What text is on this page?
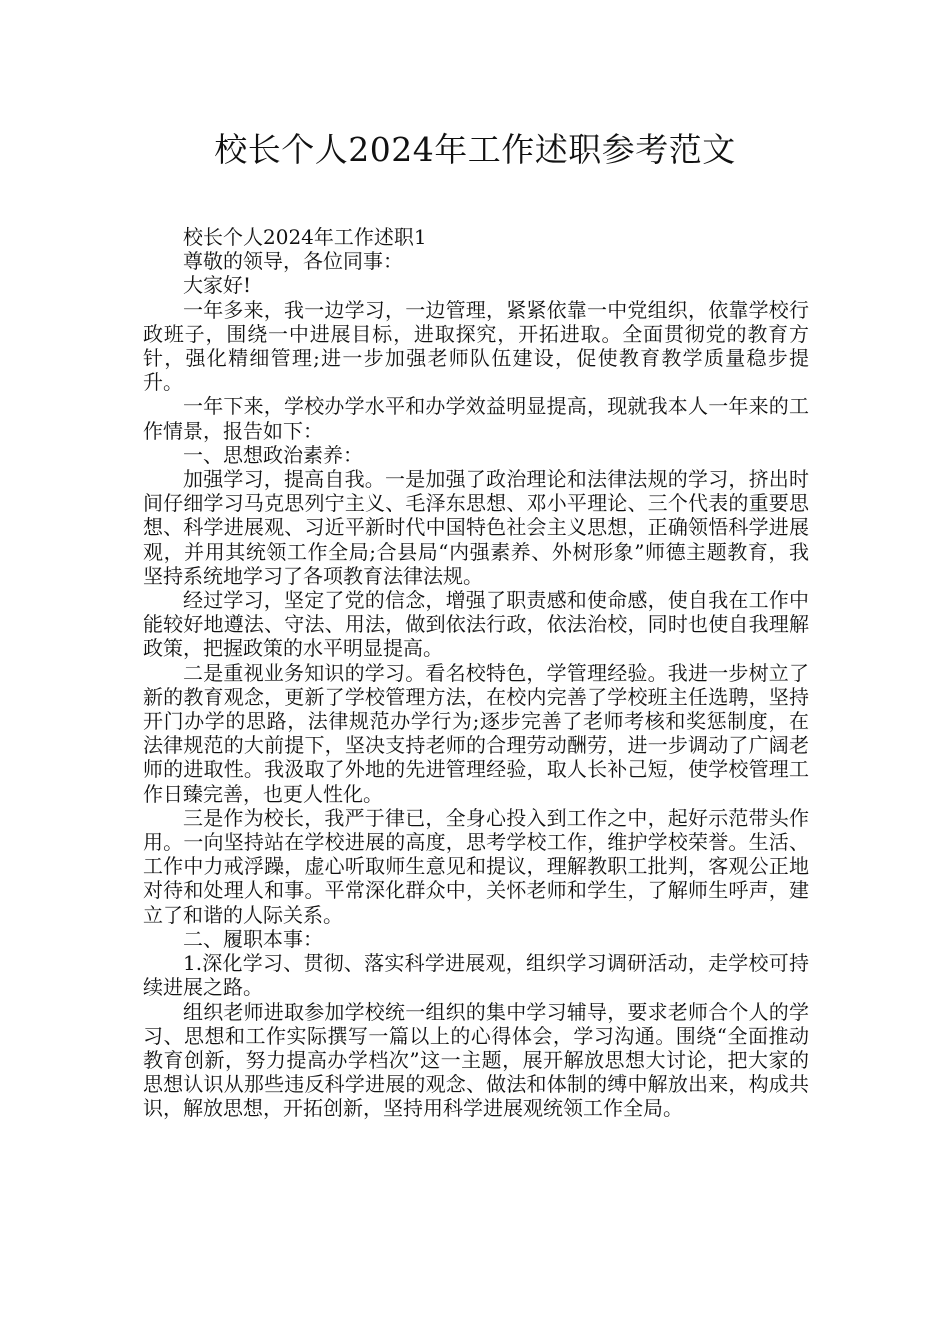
校长个人2024年工作述职参考范文

校长个人2024年工作述职1

尊敬的领导，各位同事：

大家好!

一年多来，我一边学习，一边管理，紧紧依靠一中党组织，依靠学校行政班子，围绕一中进展目标，进取探究，开拓进取。全面贯彻党的教育方针，强化精细管理;进一步加强老师队伍建设，促使教育教学质量稳步提升。

一年下来，学校办学水平和办学效益明显提高，现就我本人一年来的工作情景，报告如下：

一、思想政治素养：

加强学习，提高自我。一是加强了政治理论和法律法规的学习，挤出时间仔细学习马克思列宁主义、毛泽东思想、邓小平理论、三个代表的重要思想、科学进展观、习近平新时代中国特色社会主义思想，正确领悟科学进展观，并用其统领工作全局;合县局“内强素养、外树形象”师德主题教育，我坚持系统地学习了各项教育法律法规。

经过学习，坚定了党的信念，增强了职责感和使命感，使自我在工作中能较好地遵法、守法、用法，做到依法行政，依法治校，同时也使自我理解政策，把握政策的水平明显提高。

二是重视业务知识的学习。看名校特色，学管理经验。我进一步树立了新的教育观念，更新了学校管理方法，在校内完善了学校班主任选聘，坚持开门办学的思路，法律规范办学行为;逐步完善了老师考核和奖惩制度，在法律规范的大前提下，坚决支持老师的合理劳动酬劳，进一步调动了广阔老师的进取性。我汲取了外地的先进管理经验，取人长补己短，使学校管理工作日臻完善，也更人性化。

三是作为校长，我严于律已，全身心投入到工作之中，起好示范带头作用。一向坚持站在学校进展的高度，思考学校工作，维护学校荣誉。生活、工作中力戒浮躁，虚心听取师生意见和提议，理解教职工批判，客观公正地对待和处理人和事。平常深化群众中，关怀老师和学生，了解师生呼声，建立了和谐的人际关系。

二、履职本事：

1.深化学习、贯彻、落实科学进展观，组织学习调研活动，走学校可持续进展之路。

组织老师进取参加学校统一组织的集中学习辅导，要求老师合个人的学习、思想和工作实际撰写一篇以上的心得体会，学习沟通。围绕“全面推动教育创新，努力提高办学档次”这一主题，展开解放思想大讨论，把大家的思想认识从那些违反科学进展的观念、做法和体制的缚中解放出来，构成共识，解放思想，开拓创新，坚持用科学进展观统领工作全局。
